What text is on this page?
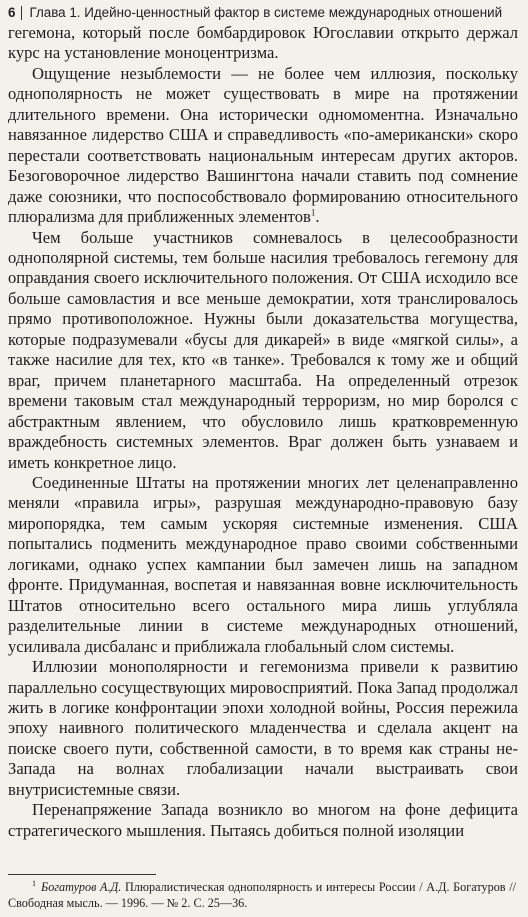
6 Глава 1. Идейно-ценностный фактор в системе международных отношений

гегемона, который после бомбардировок Югославии открыто держал курс на установление моноцентризма.

Ощущение незыблемости — не более чем иллюзия, поскольку однополярность не может существовать в мире на протяжении длительного времени. Она исторически одномоментна. Изначально навязанное лидерство США и справедливость «по-американски» скоро перестали соответствовать национальным интересам других акторов. Безоговорочное лидерство Вашингтона начали ставить под сомнение даже союзники, что поспособствовало формированию относительного плюрализма для приближенных элементов$^1$.

Чем больше участников сомневалось в целесообразности однополярной системы, тем больше насилия требовалось гегемону для оправдания своего исключительного положения. От США исходило все больше самовластия и все меньше демократии, хотя транслировалось прямо противоположное. Нужны были доказательства могущества, которые подразумевали «бусы для дикарей» в виде «мягкой силы», а также насилие для тех, кто «в танке». Требовался к тому же и общий враг, причем планетарного масштаба. На определенный отрезок времени таковым стал международный терроризм, но мир боролся с абстрактным явлением, что обусловило лишь кратковременную враждебность системных элементов. Враг должен быть узнаваем и иметь конкретное лицо.

Соединенные Штаты на протяжении многих лет целенаправленно меняли «правила игры», разрушая международно-правовую базу миропорядка, тем самым ускоряя системные изменения. США попытались подменить международное право своими собственными логиками, однако успех кампании был замечен лишь на западном фронте. Придуманная, воспетая и навязанная вовне исключительность Штатов относительно всего остального мира лишь углубляла разделительные линии в системе международных отношений, усиливала дисбаланс и приближала глобальный слом системы.

Иллюзии монополярности и гегемонизма привели к развитию параллельно сосуществующих мировосприятий. Пока Запад продолжал жить в логике конфронтации эпохи холодной войны, Россия пережила эпоху наивного политического младенчества и сделала акцент на поиске своего пути, собственной самости, в то время как страны не-Запада на волнах глобализации начали выстраивать свои внутрисистемные связи.

Перенапряжение Запада возникло во многом на фоне дефицита стратегического мышления. Пытаясь добиться полной изоляции

$^1$ Богатуров А.Д. Плюралистическая однополярность и интересы России / А.Д. Богатуров // Свободная мысль. — 1996. — № 2. С. 25—36.
